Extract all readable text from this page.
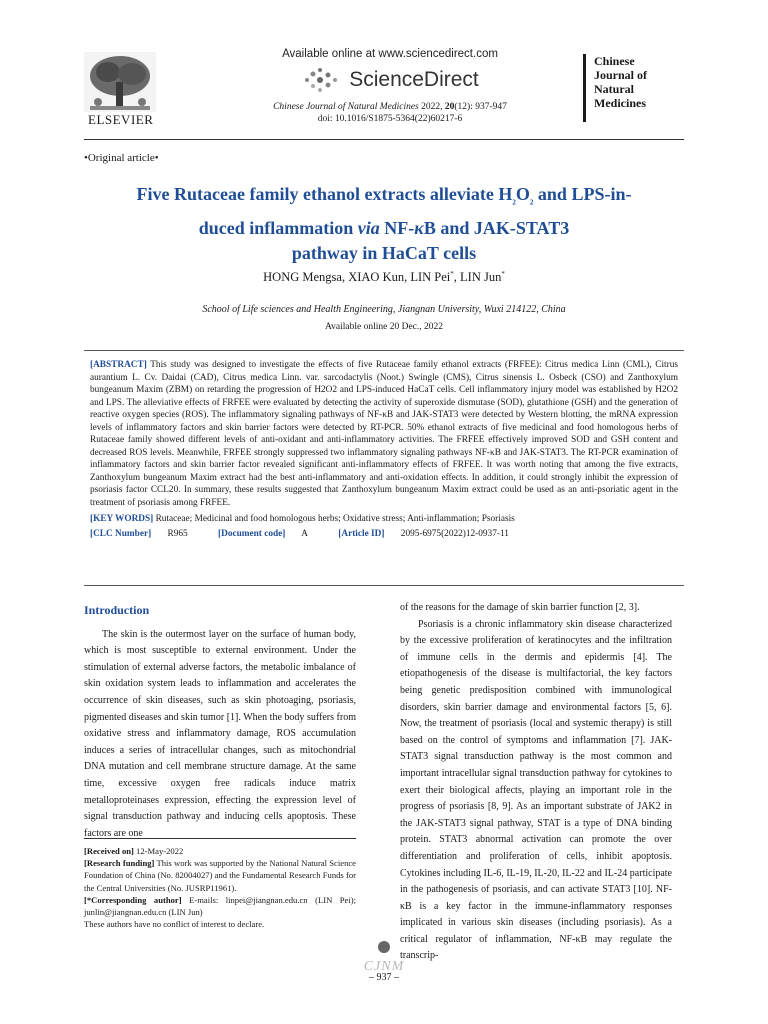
ELSEVIER
Available online at www.sciencedirect.com
ScienceDirect
Chinese Journal of Natural Medicines 2022, 20(12): 937-947
doi: 10.1016/S1875-5364(22)60217-6
Chinese
Journal of
Natural
Medicines
•Original article•
Five Rutaceae family ethanol extracts alleviate $H_2O_2$ and LPS-in-
duced inflammation via NF-κB and JAK-STAT3
pathway in HaCaT cells
HONG Mengsa, XIAO Kun, LIN Pei*, LIN Jun*
School of Life sciences and Health Engineering, Jiangnan University, Wuxi 214122, China
Available online 20 Dec., 2022
[ABSTRACT] This study was designed to investigate the effects of five Rutaceae family ethanol extracts (FRFEE): Citrus medica Linn (CML), Citrus aurantium L. Cv. Daidai (CAD), Citrus medica Linn. var. sarcodactylis (Noot.) Swingle (CMS), Citrus sinensis L. Osbeck (CSO) and Zanthoxylum bungeanum Maxim (ZBM) on retarding the progression of H2O2 and LPS-induced HaCaT cells. Cell inflammatory injury model was established by H2O2 and LPS. The alleviative effects of FRFEE were evaluated by detecting the activity of superoxide dismutase (SOD), glutathione (GSH) and the generation of reactive oxygen species (ROS). The inflammatory signaling pathways of NF-κB and JAK-STAT3 were detected by Western blotting, the mRNA expression levels of inflammatory factors and skin barrier factors were detected by RT-PCR. 50% ethanol extracts of five medicinal and food homologous herbs of Rutaceae family showed different levels of anti-oxidant and anti-inflammatory activities. The FRFEE effectively improved SOD and GSH content and decreased ROS levels. Meanwhile, FRFEE strongly suppressed two inflammatory signaling pathways NF-κB and JAK-STAT3. The RT-PCR examination of inflammatory factors and skin barrier factor revealed significant anti-inflammatory effects of FRFEE. It was worth noting that among the five extracts, Zanthoxylum bungeanum Maxim extract had the best anti-inflammatory and anti-oxidation effects. In addition, it could strongly inhibit the expression of psoriasis factor CCL20. In summary, these results suggested that Zanthoxylum bungeanum Maxim extract could be used as an anti-psoriatic agent in the treatment of psoriasis among FRFEE.
[KEY WORDS] Rutaceae; Medicinal and food homologous herbs; Oxidative stress; Anti-inflammation; Psoriasis
[CLC Number] R965	[Document code] A	[Article ID] 2095-6975(2022)12-0937-11
Introduction

The skin is the outermost layer on the surface of human body, which is most susceptible to external environment. Under the stimulation of external adverse factors, the metabolic imbalance of skin oxidation system leads to inflammation and accelerates the occurrence of skin diseases, such as skin photoaging, psoriasis, pigmented diseases and skin tumor [1]. When the body suffers from oxidative stress and inflammatory damage, ROS accumulation induces a series of intracellular changes, such as mitochondrial DNA mutation and cell membrane structure damage. At the same time, excessive oxygen free radicals induce matrix metalloproteinases expression, effecting the expression level of signal transduction pathway and inducing cells apoptosis. These factors are one

of the reasons for the damage of skin barrier function [2, 3].

Psoriasis is a chronic inflammatory skin disease characterized by the excessive proliferation of keratinocytes and the infiltration of immune cells in the dermis and epidermis [4]. The etiopathogenesis of the disease is multifactorial, the key factors being genetic predisposition combined with immunological disorders, skin barrier damage and environmental factors [5, 6]. Now, the treatment of psoriasis (local and systemic therapy) is still based on the control of symptoms and inflammation [7]. JAK-STAT3 signal transduction pathway is the most common and important intracellular signal transduction pathway for cytokines to exert their biological affects, playing an important role in the progress of psoriasis [8, 9]. As an important substrate of JAK2 in the JAK-STAT3 signal pathway, STAT is a type of DNA binding protein. STAT3 abnormal activation can promote the over differentiation and proliferation of cells, inhibit apoptosis. Cytokines including IL-6, IL-19, IL-20, IL-22 and IL-24 participate in the pathogenesis of psoriasis, and can activate STAT3 [10]. NF-κB is a key factor in the immune-inflammatory responses implicated in various skin diseases (including psoriasis). As a critical regulator of inflammation, NF-κB may regulate the transcrip-

[Received on] 12-May-2022
[Research funding] This work was supported by the National Natural Science Foundation of China (No. 82004027) and the Fundamental Research Funds for the Central Universities (No. JUSRP11961).
[*Corresponding author] E-mails: linpei@jiangnan.edu.cn (LIN Pei); junlin@jiangnan.edu.cn (LIN Jun)
These authors have no conflict of interest to declare.
CJNM
– 937 –
